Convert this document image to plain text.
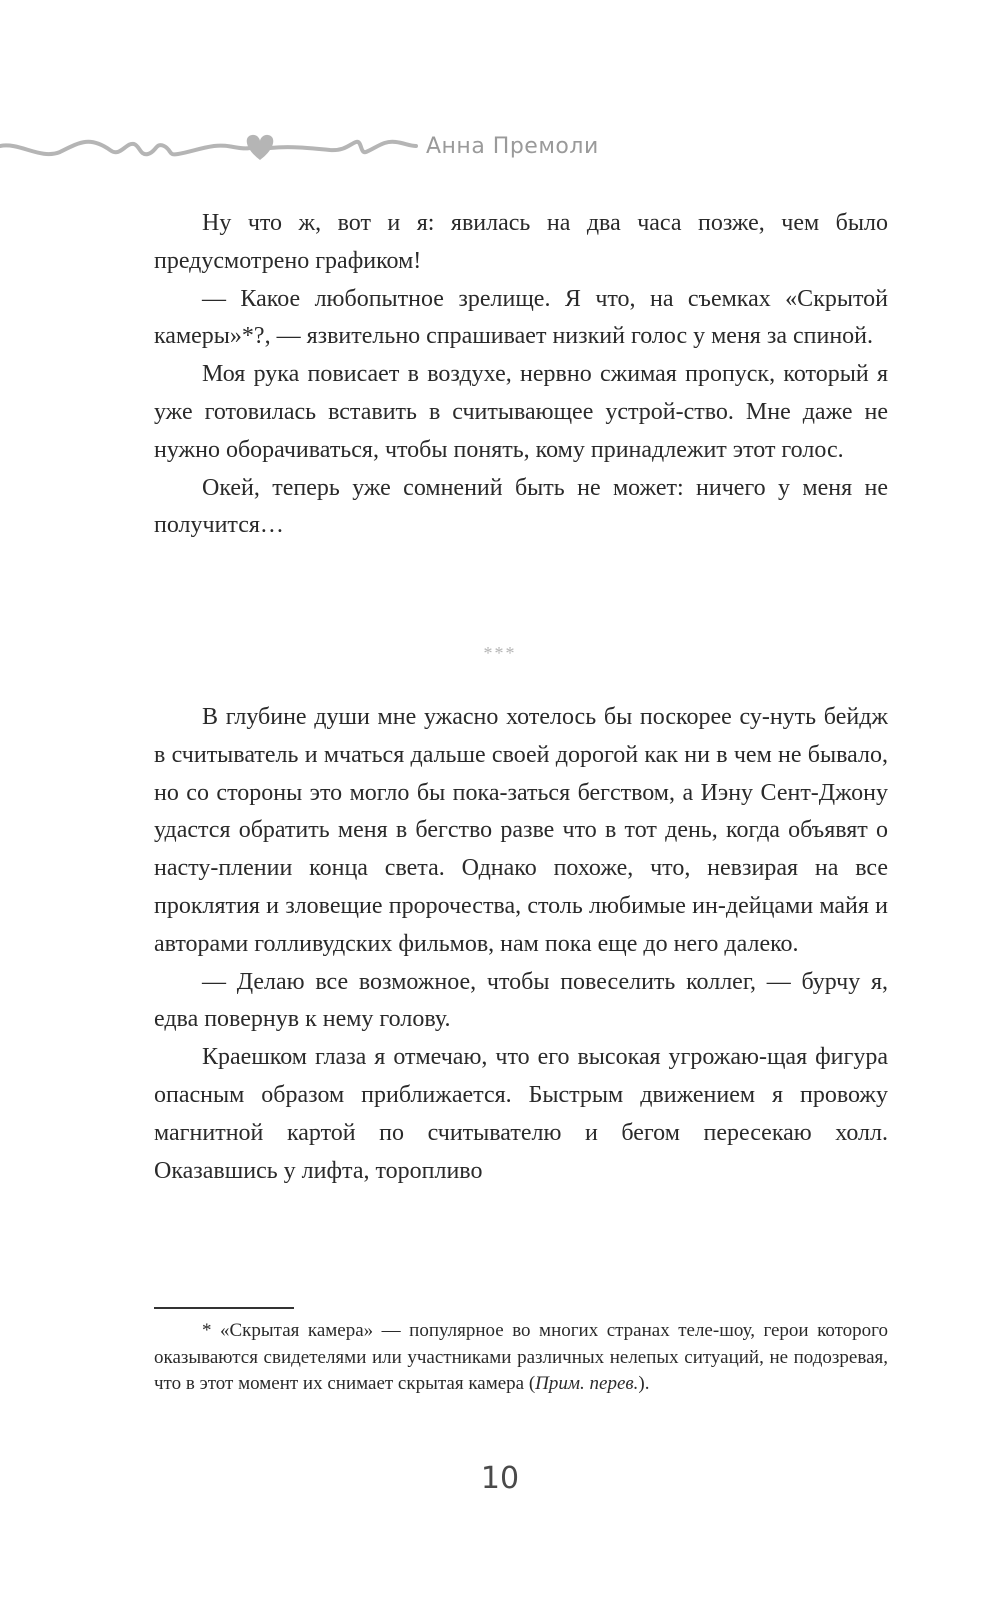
Анна Премоли

Ну что ж, вот и я: явилась на два часа позже, чем было предусмотрено графиком!

— Какое любопытное зрелище. Я что, на съемках «Скрытой камеры»*?, — язвительно спрашивает низкий голос у меня за спиной.

Моя рука повисает в воздухе, нервно сжимая пропуск, который я уже готовилась вставить в считывающее устрой-ство. Мне даже не нужно оборачиваться, чтобы понять, кому принадлежит этот голос.

Окей, теперь уже сомнений быть не может: ничего у меня не получится…

***

В глубине души мне ужасно хотелось бы поскорее су-нуть бейдж в считыватель и мчаться дальше своей дорогой как ни в чем не бывало, но со стороны это могло бы пока-заться бегством, а Иэну Сент-Джону удастся обратить меня в бегство разве что в тот день, когда объявят о насту-плении конца света. Однако похоже, что, невзирая на все проклятия и зловещие пророчества, столь любимые ин-дейцами майя и авторами голливудских фильмов, нам пока еще до него далеко.

— Делаю все возможное, чтобы повеселить коллег, — бурчу я, едва повернув к нему голову.

Краешком глаза я отмечаю, что его высокая угрожаю-щая фигура опасным образом приближается. Быстрым движением я провожу магнитной картой по считывателю и бегом пересекаю холл. Оказавшись у лифта, торопливо

* «Скрытая камера» — популярное во многих странах теле-шоу, герои которого оказываются свидетелями или участниками различных нелепых ситуаций, не подозревая, что в этот момент их снимает скрытая камера (Прим. перев.).

10
